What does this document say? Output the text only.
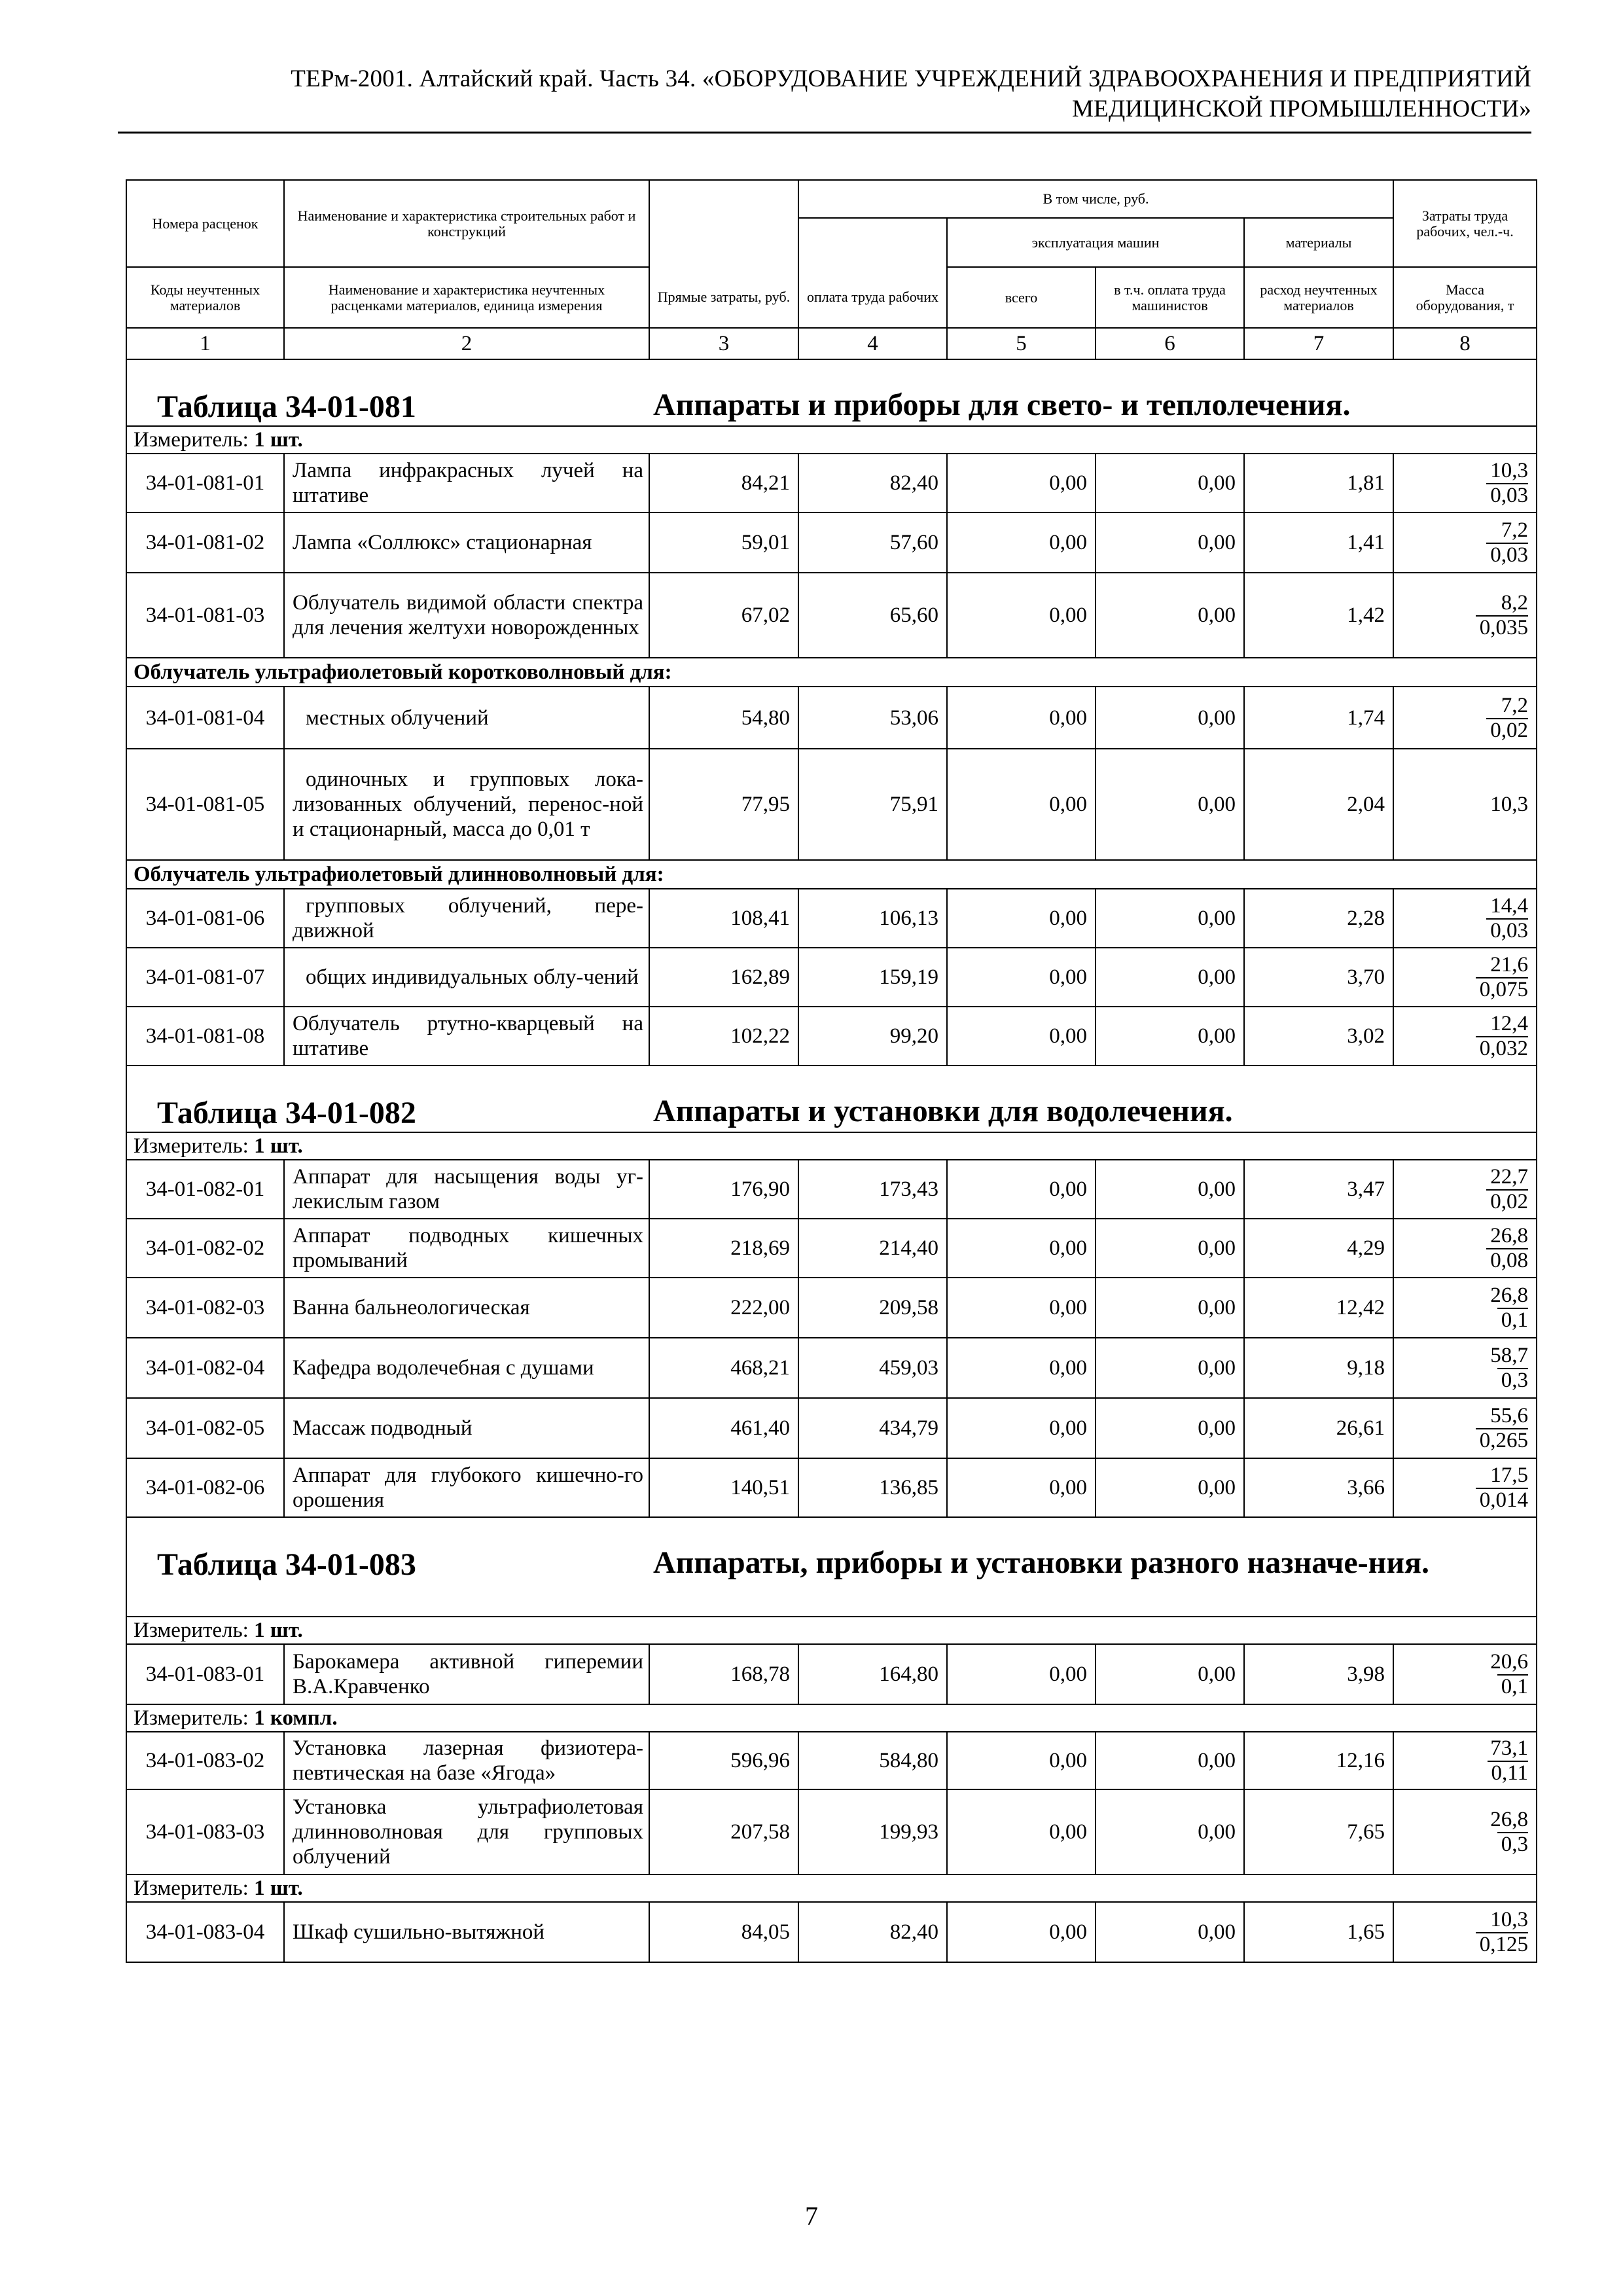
ТЕРм-2001. Алтайский край. Часть 34. «ОБОРУДОВАНИЕ УЧРЕЖДЕНИЙ ЗДРАВООХРАНЕНИЯ И ПРЕДПРИЯТИЙ
МЕДИЦИНСКОЙ ПРОМЫШЛЕННОСТИ»
Номера расценок	Наименование и характеристика строительных работ и конструкций		В том числе, руб.				Затраты труда рабочих, чел.-ч.
				эксплуатация машин		материалы	
Коды неучтенных материалов	Наименование и характеристика неучтенных расценками материалов, единица измерения	Прямые затраты, руб.	оплата труда рабочих	всего	в т.ч. оплата труда машинистов	расход неучтенных материалов	Масса оборудования, т
1	2	3	4	5	6	7	8

Таблица 34-01-081 Аппараты и приборы для свето- и теплолечения.							

Измеритель: 1 шт.							
34-01-081-01	Лампа инфракрасных лучей на штативе	84,21	82,40	0,00	0,00	1,81	$\frac{10,3}{0,03}$
34-01-081-02	Лампа «Соллюкс» стационарная	59,01	57,60	0,00	0,00	1,41	$\frac{7,2}{0,03}$
34-01-081-03	Облучатель видимой области спектра для лечения желтухи новорожденных	67,02	65,60	0,00	0,00	1,42	$\frac{8,2}{0,035}$
Облучатель ультрафиолетовый коротковолновый для:							
34-01-081-04	местных облучений	54,80	53,06	0,00	0,00	1,74	$\frac{7,2}{0,02}$
34-01-081-05	одиночных и групповых лока-лизованных облучений, перенос-ной и стационарный, масса до 0,01 т	77,95	75,91	0,00	0,00	2,04	10,3

Облучатель ультрафиолетовый длинноволновый для:							
34-01-081-06	групповых облучений, пере-движной	108,41	106,13	0,00	0,00	2,28	$\frac{14,4}{0,03}$
34-01-081-07	общих индивидуальных облу-чений	162,89	159,19	0,00	0,00	3,70	$\frac{21,6}{0,075}$
34-01-081-08	Облучатель ртутно-кварцевый на штативе	102,22	99,20	0,00	0,00	3,02	$\frac{12,4}{0,032}$

Таблица 34-01-082 Аппараты и установки для водолечения.							

Измеритель: 1 шт.							
34-01-082-01	Аппарат для насыщения воды уг-лекислым газом	176,90	173,43	0,00	0,00	3,47	$\frac{22,7}{0,02}$
34-01-082-02	Аппарат подводных кишечных промываний	218,69	214,40	0,00	0,00	4,29	$\frac{26,8}{0,08}$
34-01-082-03	Ванна бальнеологическая	222,00	209,58	0,00	0,00	12,42	$\frac{26,8}{0,1}$
34-01-082-04	Кафедра водолечебная с душами	468,21	459,03	0,00	0,00	9,18	$\frac{58,7}{0,3}$
34-01-082-05	Массаж подводный	461,40	434,79	0,00	0,00	26,61	$\frac{55,6}{0,265}$
34-01-082-06	Аппарат для глубокого кишечно-го орошения	140,51	136,85	0,00	0,00	3,66	$\frac{17,5}{0,014}$

Таблица 34-01-083 Аппараты, приборы и установки разного назначе-ния.							

Измеритель: 1 шт.							
34-01-083-01	Барокамера активной гиперемии В.А.Кравченко	168,78	164,80	0,00	0,00	3,98	$\frac{20,6}{0,1}$
Измеритель: 1 компл.							
34-01-083-02	Установка лазерная физиотера-певтическая на базе «Ягода»	596,96	584,80	0,00	0,00	12,16	$\frac{73,1}{0,11}$
34-01-083-03	Установка ультрафиолетовая длинноволновая для групповых облучений	207,58	199,93	0,00	0,00	7,65	$\frac{26,8}{0,3}$
Измеритель: 1 шт.							
34-01-083-04	Шкаф сушильно-вытяжной	84,05	82,40	0,00	0,00	1,65	$\frac{10,3}{0,125}$
7
